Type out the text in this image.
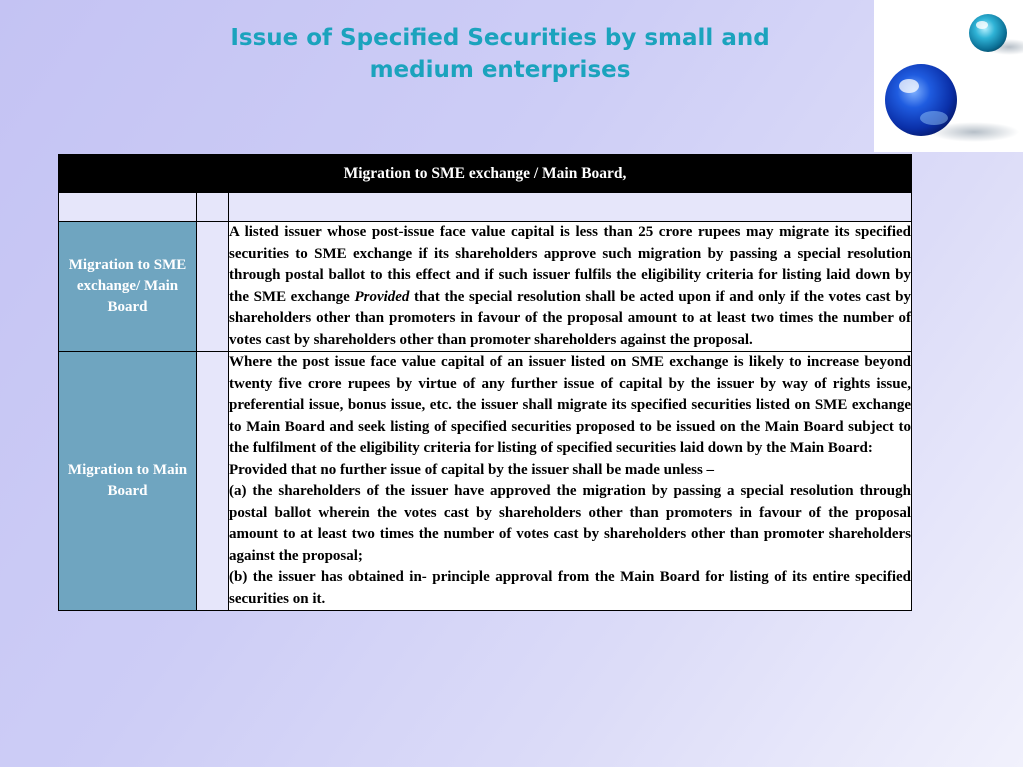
Issue of Specified Securities by small and
medium enterprises
Migration to SME exchange / Main Board,		

Migration to SME exchange/ Main Board		A listed issuer whose post-issue face value capital is less than 25 crore rupees may migrate its specified securities to SME exchange if its shareholders approve such migration by passing a special resolution through postal ballot to this effect and if such issuer fulfils the eligibility criteria for listing laid down by the SME exchange Provided that the special resolution shall be acted upon if and only if the votes cast by shareholders other than promoters in favour of the proposal amount to at least two times the number of votes cast by shareholders other than promoter shareholders against the proposal.
Migration to Main Board		Where the post issue face value capital of an issuer listed on SME exchange is likely to increase beyond twenty five crore rupees by virtue of any further issue of capital by the issuer by way of rights issue, preferential issue, bonus issue, etc. the issuer shall migrate its specified securities listed on SME exchange to Main Board and seek listing of specified securities proposed to be issued on the Main Board subject to the fulfilment of the eligibility criteria for listing of specified securities laid down by the Main Board:
Provided that no further issue of capital by the issuer shall be made unless –
(a) the shareholders of the issuer have approved the migration by passing a special resolution through postal ballot wherein the votes cast by shareholders other than promoters in favour of the proposal amount to at least two times the number of votes cast by shareholders other than promoter shareholders against the proposal;
(b) the issuer has obtained in- principle approval from the Main Board for listing of its entire specified securities on it.
